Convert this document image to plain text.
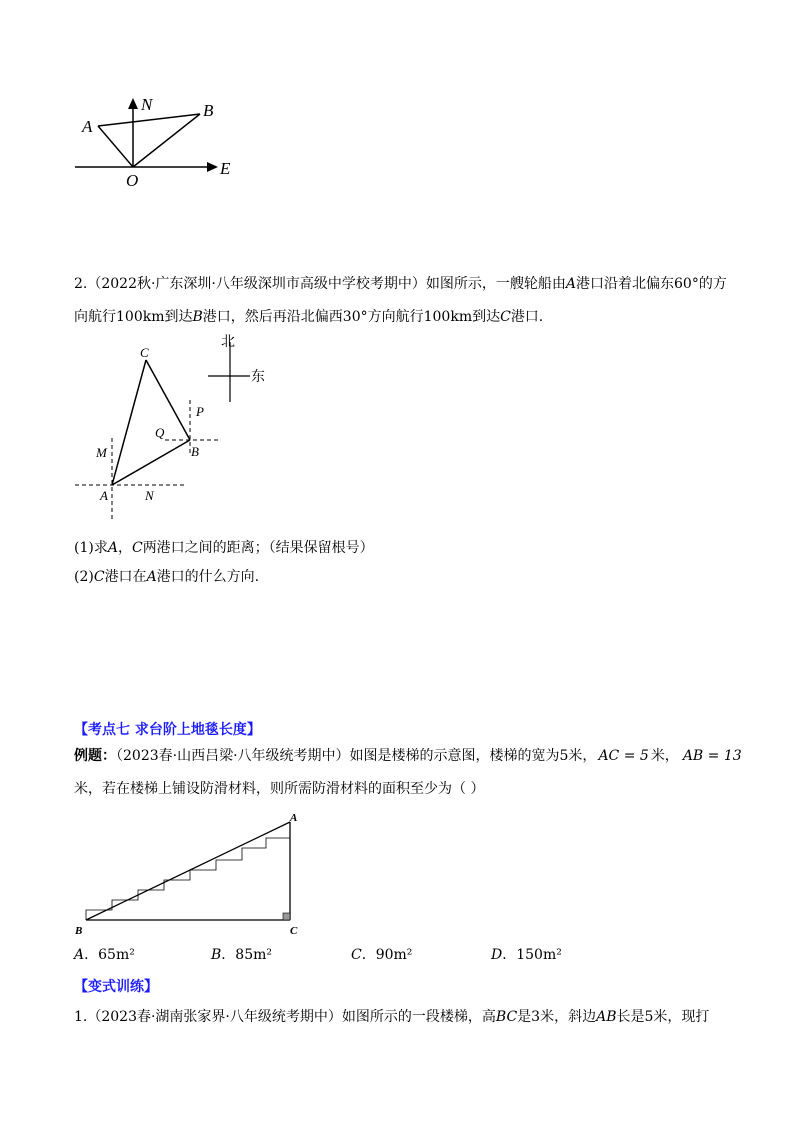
A
N	B
O
E
2.（2022秋·广东深圳·八年级深圳市高级中学校考期中）如图所示，一艘轮船由A港口沿着北偏东60°的方
向航行100km到达B港口，然后再沿北偏西30°方向航行100km到达C港口.
C
北
东
P
Q
M	B
A	N
(1)求A，C两港口之间的距离；（结果保留根号）
(2)C港口在A港口的什么方向.
【考点七 求台阶上地毯长度】
例题：（2023春·山西吕梁·八年级统考期中）如图是楼梯的示意图，楼梯的宽为5米， AC = 5 米， AB = 13
米，若在楼梯上铺设防滑材料，则所需防滑材料的面积至少为（ ）
A
B	C
A．65m²	B．85m²	C．90m²	D．150m²
【变式训练】
1.（2023春·湖南张家界·八年级统考期中）如图所示的一段楼梯，高BC是3米，斜边AB长是5米，现打
